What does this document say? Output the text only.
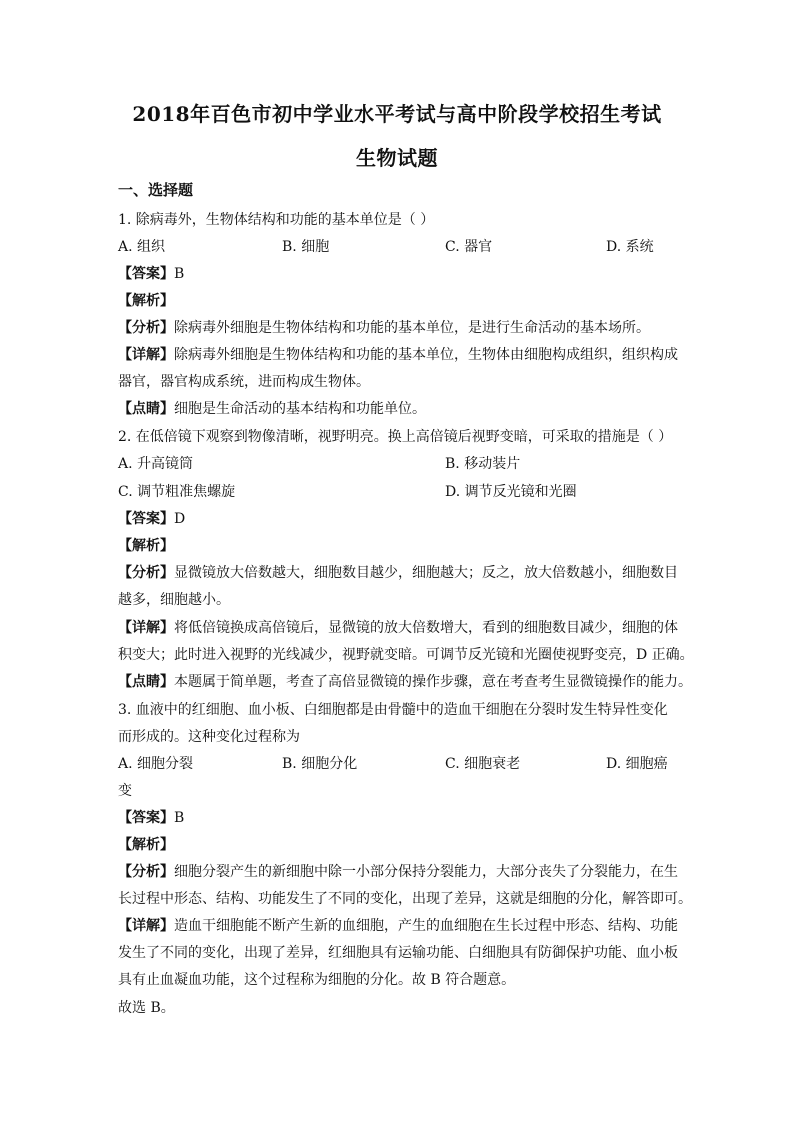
2018年百色市初中学业水平考试与高中阶段学校招生考试
生物试题
一、选择题
1. 除病毒外，生物体结构和功能的基本单位是（ ）
A. 组织	B. 细胞	C. 器官	D. 系统
【答案】B
【解析】
【分析】除病毒外细胞是生物体结构和功能的基本单位，是进行生命活动的基本场所。
【详解】除病毒外细胞是生物体结构和功能的基本单位，生物体由细胞构成组织，组织构成
器官，器官构成系统，进而构成生物体。
【点睛】细胞是生命活动的基本结构和功能单位。
2. 在低倍镜下观察到物像清晰，视野明亮。换上高倍镜后视野变暗，可采取的措施是（ ）
A. 升高镜筒	B. 移动装片
C. 调节粗准焦螺旋	D. 调节反光镜和光圈
【答案】D
【解析】
【分析】显微镜放大倍数越大，细胞数目越少，细胞越大；反之，放大倍数越小，细胞数目
越多，细胞越小。
【详解】将低倍镜换成高倍镜后，显微镜的放大倍数增大，看到的细胞数目减少，细胞的体
积变大；此时进入视野的光线减少，视野就变暗。可调节反光镜和光圈使视野变亮，D 正确。
【点睛】本题属于简单题，考查了高倍显微镜的操作步骤，意在考查考生显微镜操作的能力。
3. 血液中的红细胞、血小板、白细胞都是由骨髓中的造血干细胞在分裂时发生特异性变化
而形成的。这种变化过程称为
A. 细胞分裂	B. 细胞分化	C. 细胞衰老	D. 细胞癌
变
【答案】B
【解析】
【分析】细胞分裂产生的新细胞中除一小部分保持分裂能力，大部分丧失了分裂能力，在生
长过程中形态、结构、功能发生了不同的变化，出现了差异，这就是细胞的分化，解答即可。
【详解】造血干细胞能不断产生新的血细胞，产生的血细胞在生长过程中形态、结构、功能
发生了不同的变化，出现了差异，红细胞具有运输功能、白细胞具有防御保护功能、血小板
具有止血凝血功能，这个过程称为细胞的分化。故 B 符合题意。
故选 B。
